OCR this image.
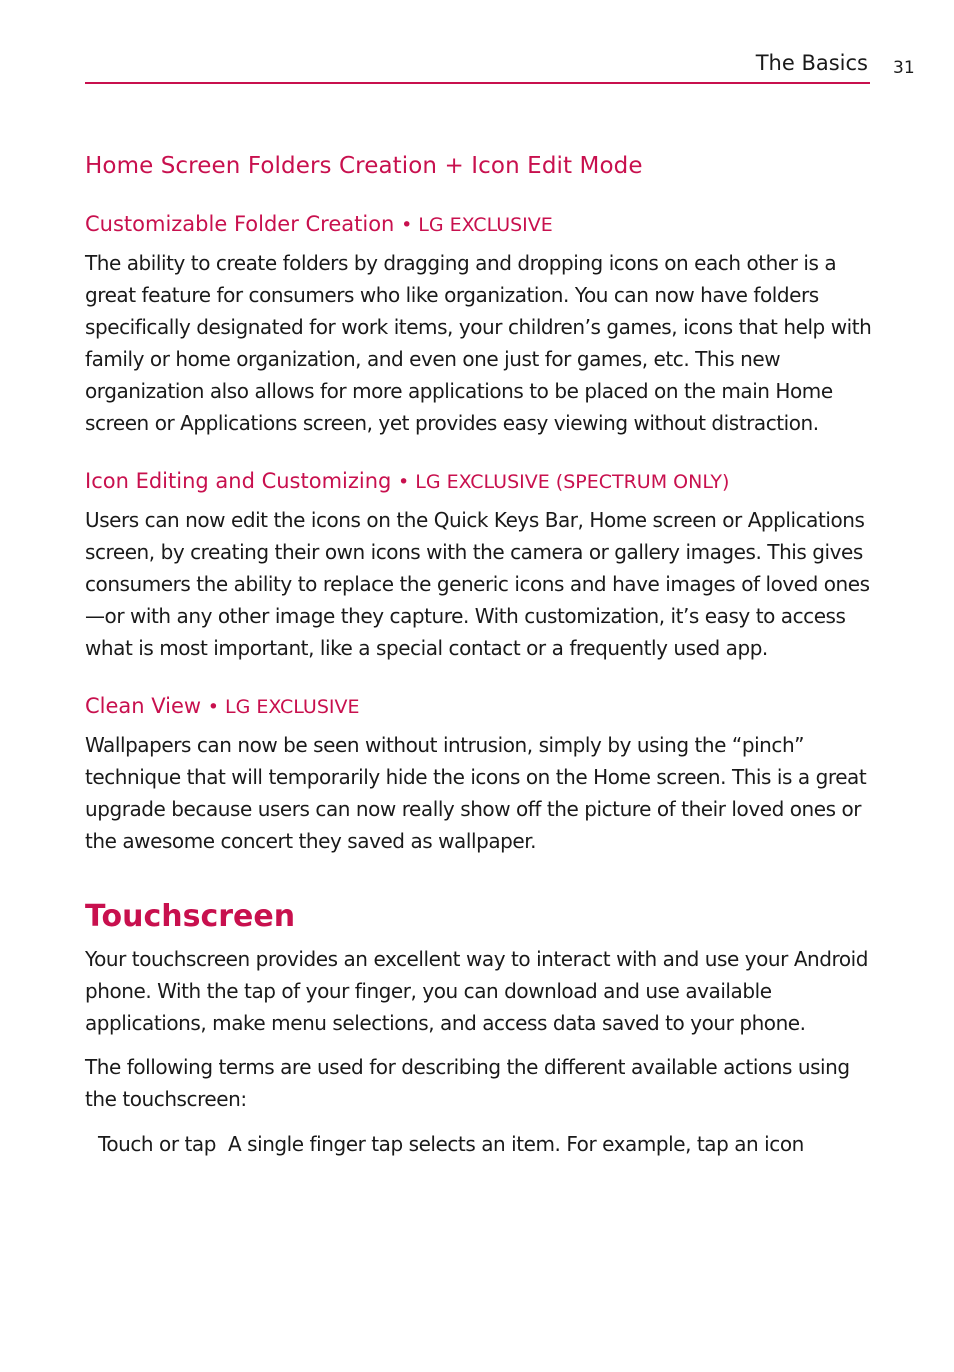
The Basics 31
Home Screen Folders Creation + Icon Edit Mode
Customizable Folder Creation • LG EXCLUSIVE

The ability to create folders by dragging and dropping icons on each other is a great feature for consumers who like organization. You can now have folders specifically designated for work items, your children’s games, icons that help with family or home organization, and even one just for games, etc. This new organization also allows for more applications to be placed on the main Home screen or Applications screen, yet provides easy viewing without distraction.

Icon Editing and Customizing • LG EXCLUSIVE (SPECTRUM ONLY)

Users can now edit the icons on the Quick Keys Bar, Home screen or Applications screen, by creating their own icons with the camera or gallery images. This gives consumers the ability to replace the generic icons and have images of loved ones—or with any other image they capture. With customization, it’s easy to access what is most important, like a special contact or a frequently used app.

Clean View • LG EXCLUSIVE

Wallpapers can now be seen without intrusion, simply by using the “pinch” technique that will temporarily hide the icons on the Home screen. This is a great upgrade because users can now really show off the picture of their loved ones or the awesome concert they saved as wallpaper.

Touchscreen

Your touchscreen provides an excellent way to interact with and use your Android phone. With the tap of your finger, you can download and use available applications, make menu selections, and access data saved to your phone.

The following terms are used for describing the different available actions using the touchscreen:

Touch or tap A single finger tap selects an item. For example, tap an icon
